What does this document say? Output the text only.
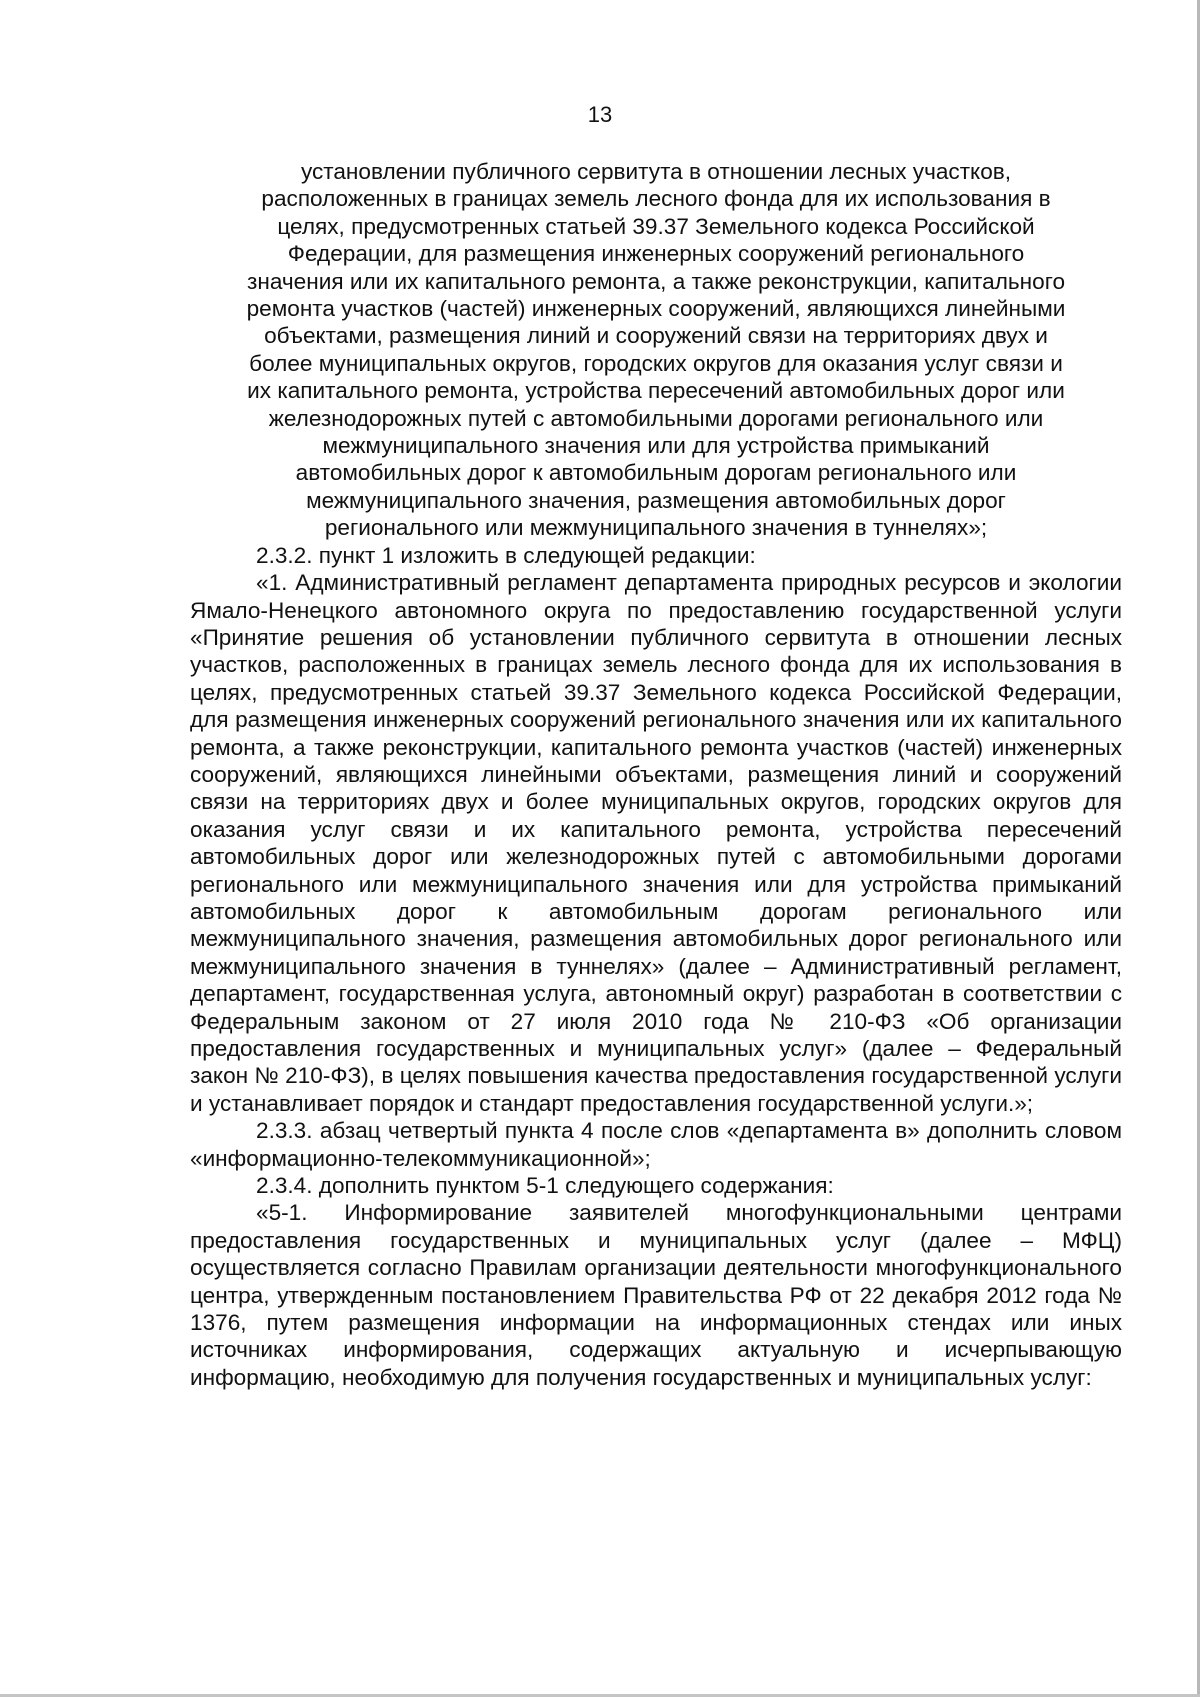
13

установлении публичного сервитута в отношении лесных участков,
расположенных в границах земель лесного фонда для их использования в
целях, предусмотренных статьей 39.37 Земельного кодекса Российской
Федерации, для размещения инженерных сооружений регионального
значения или их капитального ремонта, а также реконструкции, капитального
ремонта участков (частей) инженерных сооружений, являющихся линейными
объектами, размещения линий и сооружений связи на территориях двух и
более муниципальных округов, городских округов для оказания услуг связи и
их капитального ремонта, устройства пересечений автомобильных дорог или
железнодорожных путей с автомобильными дорогами регионального или
межмуниципального значения или для устройства примыканий
автомобильных дорог к автомобильным дорогам регионального или
межмуниципального значения, размещения автомобильных дорог
регионального или межмуниципального значения в туннелях»;

2.3.2. пункт 1 изложить в следующей редакции:

«1. Административный регламент департамента природных ресурсов и экологии Ямало-Ненецкого автономного округа по предоставлению государственной услуги «Принятие решения об установлении публичного сервитута в отношении лесных участков, расположенных в границах земель лесного фонда для их использования в целях, предусмотренных статьей 39.37 Земельного кодекса Российской Федерации, для размещения инженерных сооружений регионального значения или их капитального ремонта, а также реконструкции, капитального ремонта участков (частей) инженерных сооружений, являющихся линейными объектами, размещения линий и сооружений связи на территориях двух и более муниципальных округов, городских округов для оказания услуг связи и их капитального ремонта, устройства пересечений автомобильных дорог или железнодорожных путей с автомобильными дорогами регионального или межмуниципального значения или для устройства примыканий автомобильных дорог к автомобильным дорогам регионального или межмуниципального значения, размещения автомобильных дорог регионального или межмуниципального значения в туннелях» (далее – Административный регламент, департамент, государственная услуга, автономный округ) разработан в соответствии с Федеральным законом от 27 июля 2010 года № 210-ФЗ «Об организации предоставления государственных и муниципальных услуг» (далее – Федеральный закон № 210-ФЗ), в целях повышения качества предоставления государственной услуги и устанавливает порядок и стандарт предоставления государственной услуги.»;

2.3.3. абзац четвертый пункта 4 после слов «департамента в» дополнить словом «информационно-телекоммуникационной»;

2.3.4. дополнить пунктом 5-1 следующего содержания:

«5-1. Информирование заявителей многофункциональными центрами предоставления государственных и муниципальных услуг (далее – МФЦ) осуществляется согласно Правилам организации деятельности многофункционального центра, утвержденным постановлением Правительства РФ от 22 декабря 2012 года № 1376, путем размещения информации на информационных стендах или иных источниках информирования, содержащих актуальную и исчерпывающую информацию, необходимую для получения государственных и муниципальных услуг:
